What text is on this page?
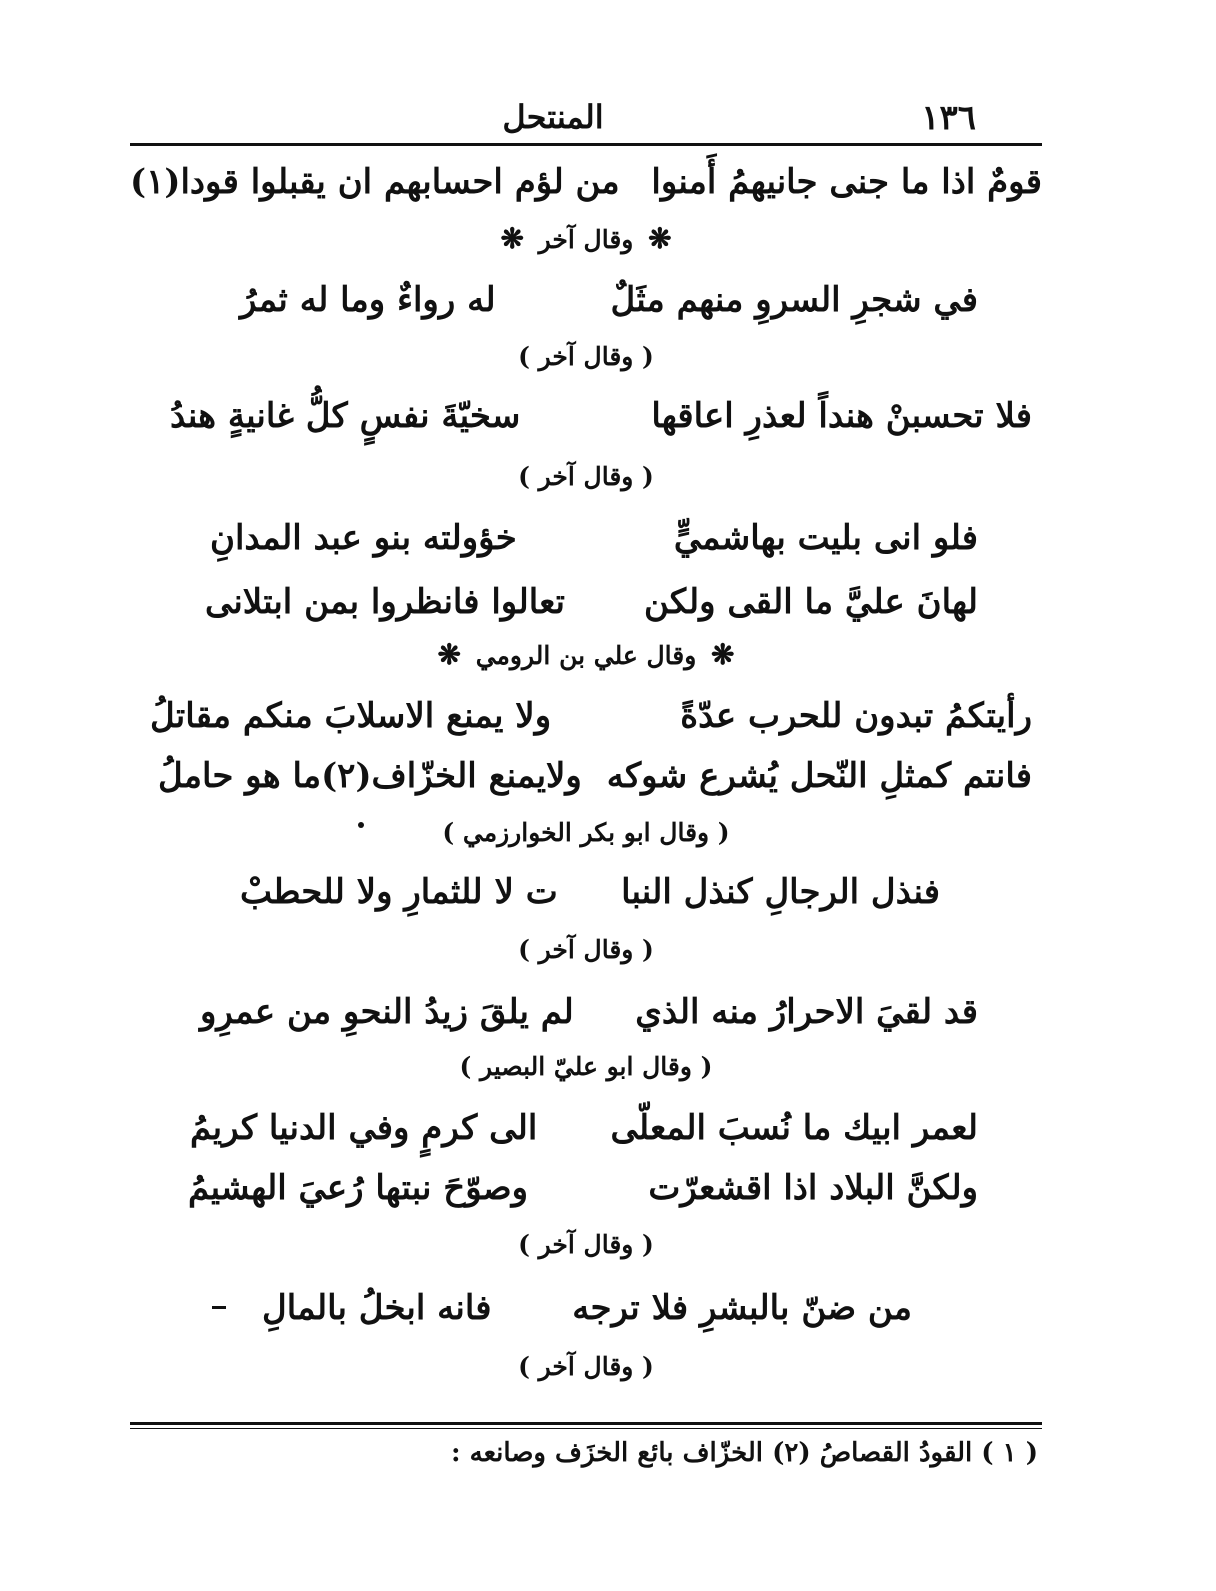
١٣٦
المنتحل
قومٌ اذا ما جنى جانيهمُ أَمنوا
من لؤم احسابهم ان يقبلوا قودا(١)
❋ وقال آخر ❋
في شجرِ السروِ منهم مثَلٌ
له رواءٌ وما له ثمرُ
( وقال آخر )
فلا تحسبنْ هنداً لعذرِ اعاقها
سخيّةَ نفسٍ كلُّ غانيةٍ هندُ
( وقال آخر )
فلو انى بليت بهاشميٍّ
خؤولته بنو عبد المدانِ
لهانَ عليَّ ما القى ولكن
تعالوا فانظروا بمن ابتلانى
❋ وقال علي بن الرومي ❋
رأيتكمُ تبدون للحرب عدّةً
ولا يمنع الاسلابَ منكم مقاتلُ
فانتم كمثلِ النّحل يُشرع شوكه
ولايمنع الخزّاف(٢)ما هو حاملُ
( وقال ابو بكر الخوارزمي )
فنذل الرجالِ كنذل النبا
ت لا للثمارِ ولا للحطبْ
( وقال آخر )
قد لقيَ الاحرارُ منه الذي
لم يلقَ زيدُ النحوِ من عمرِو
( وقال ابو عليّ البصير )
لعمر ابيك ما نُسبَ المعلّى
الى كرمٍ وفي الدنيا كريمُ
ولكنَّ البلاد اذا اقشعرّت
وصوّحَ نبتها رُعيَ الهشيمُ
( وقال آخر )
من ضنّ بالبشرِ فلا ترجه
فانه ابخلُ بالمالِ
( وقال آخر )
( ١ ) القودُ القصاصُ (٢) الخزّاف بائع الخزَف وصانعه :
